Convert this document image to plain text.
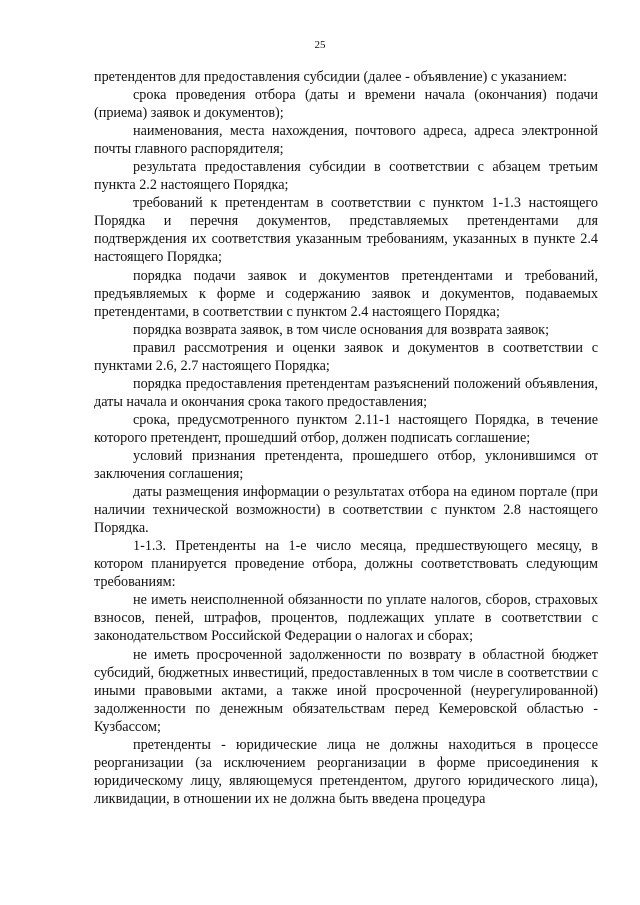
25

претендентов для предоставления субсидии (далее - объявление) с указанием:

срока проведения отбора (даты и времени начала (окончания) подачи (приема) заявок и документов);

наименования, места нахождения, почтового адреса, адреса электронной почты главного распорядителя;

результата предоставления субсидии в соответствии с абзацем третьим пункта 2.2 настоящего Порядка;

требований к претендентам в соответствии с пунктом 1-1.3 настоящего Порядка и перечня документов, представляемых претендентами для подтверждения их соответствия указанным требованиям, указанных в пункте 2.4 настоящего Порядка;

порядка подачи заявок и документов претендентами и требований, предъявляемых к форме и содержанию заявок и документов, подаваемых претендентами, в соответствии с пунктом 2.4 настоящего Порядка;

порядка возврата заявок, в том числе основания для возврата заявок;

правил рассмотрения и оценки заявок и документов в соответствии с пунктами 2.6, 2.7 настоящего Порядка;

порядка предоставления претендентам разъяснений положений объявления, даты начала и окончания срока такого предоставления;

срока, предусмотренного пунктом 2.11-1 настоящего Порядка, в течение которого претендент, прошедший отбор, должен подписать соглашение;

условий признания претендента, прошедшего отбор, уклонившимся от заключения соглашения;

даты размещения информации о результатах отбора на едином портале (при наличии технической возможности) в соответствии с пунктом 2.8 настоящего Порядка.

1-1.3. Претенденты на 1-е число месяца, предшествующего месяцу, в котором планируется проведение отбора, должны соответствовать следующим требованиям:

не иметь неисполненной обязанности по уплате налогов, сборов, страховых взносов, пеней, штрафов, процентов, подлежащих уплате в соответствии с законодательством Российской Федерации о налогах и сборах;

не иметь просроченной задолженности по возврату в областной бюджет субсидий, бюджетных инвестиций, предоставленных в том числе в соответствии с иными правовыми актами, а также иной просроченной (неурегулированной) задолженности по денежным обязательствам перед Кемеровской областью - Кузбассом;

претенденты - юридические лица не должны находиться в процессе реорганизации (за исключением реорганизации в форме присоединения к юридическому лицу, являющемуся претендентом, другого юридического лица), ликвидации, в отношении их не должна быть введена процедура
